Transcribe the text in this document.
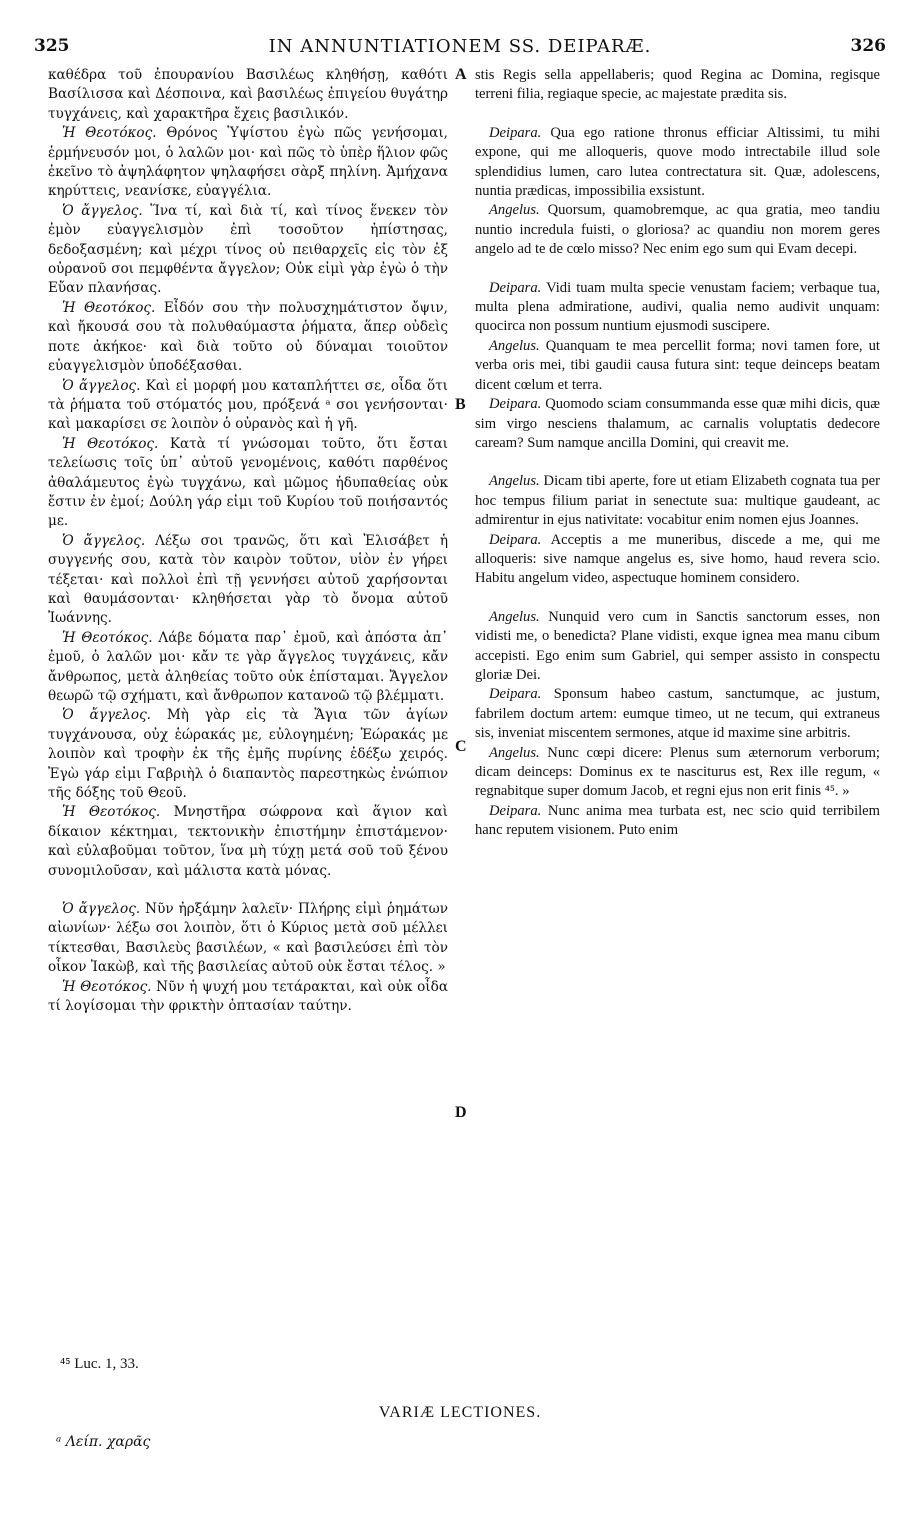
325	IN ANNUNTIATIONEM SS. DEIPARÆ.	326

καθέδρα τοῦ ἐπουρανίου Βασιλέως κληθήσῃ, καθότι Βασίλισσα καὶ Δέσποινα, καὶ βασιλέως ἐπιγείου θυγάτηρ τυγχάνεις, καὶ χαρακτῆρα ἔχεις βασιλικόν.

Ἡ Θεοτόκος. Θρόνος Ὑψίστου ἐγὼ πῶς γενήσομαι, ἑρμήνευσόν μοι, ὁ λαλῶν μοι· καὶ πῶς τὸ ὑπὲρ ἥλιον φῶς ἐκεῖνο τὸ ἀψηλάφητον ψηλαφήσει σὰρξ πηλίνη. Ἀμήχανα κηρύττεις, νεανίσκε, εὐαγγέλια.

Ὁ ἄγγελος. Ἵνα τί, καὶ διὰ τί, καὶ τίνος ἕνεκεν τὸν ἐμὸν εὐαγγελισμὸν ἐπὶ τοσοῦτον ἠπίστησας, δεδοξασμένη; καὶ μέχρι τίνος οὐ πειθαρχεῖς εἰς τὸν ἐξ οὐρανοῦ σοι πεμφθέντα ἄγγελον; Οὐκ εἰμὶ γὰρ ἐγὼ ὁ τὴν Εὔαν πλανήσας.

Ἡ Θεοτόκος. Εἶδόν σου τὴν πολυσχημάτιστον ὄψιν, καὶ ἤκουσά σου τὰ πολυθαύμαστα ῥήματα, ἅπερ οὐδεὶς ποτε ἀκήκοε· καὶ διὰ τοῦτο οὐ δύναμαι τοιοῦτον εὐαγγελισμὸν ὑποδέξασθαι.

Ὁ ἄγγελος. Καὶ εἰ μορφή μου καταπλήττει σε, οἶδα ὅτι τὰ ῥήματα τοῦ στόματός μου, πρόξενά ᵃ σοι γενήσονται· καὶ μακαρίσει σε λοιπὸν ὁ οὐρανὸς καὶ ἡ γῆ.

Ἡ Θεοτόκος. Κατὰ τί γνώσομαι τοῦτο, ὅτι ἔσται τελείωσις τοῖς ὑπ᾽ αὐτοῦ γενομένοις, καθότι παρθένος ἀθαλάμευτος ἐγὼ τυγχάνω, καὶ μῶμος ἡδυπαθείας οὐκ ἔστιν ἐν ἐμοί; Δούλη γάρ εἰμι τοῦ Κυρίου τοῦ ποιήσαντός με.

Ὁ ἄγγελος. Λέξω σοι τρανῶς, ὅτι καὶ Ἐλισάβετ ἡ συγγενής σου, κατὰ τὸν καιρὸν τοῦτον, υἱὸν ἐν γήρει τέξεται· καὶ πολλοὶ ἐπὶ τῇ γεννήσει αὐτοῦ χαρήσονται καὶ θαυμάσονται· κληθήσεται γὰρ τὸ ὄνομα αὐτοῦ Ἰωάννης.

Ἡ Θεοτόκος. Λάβε δόματα παρ᾽ ἐμοῦ, καὶ ἀπόστα ἀπ᾽ ἐμοῦ, ὁ λαλῶν μοι· κἄν τε γὰρ ἄγγελος τυγχάνεις, κἄν ἄνθρωπος, μετὰ ἀληθείας τοῦτο οὐκ ἐπίσταμαι. Ἄγγελον θεωρῶ τῷ σχήματι, καὶ ἄνθρωπον κατανοῶ τῷ βλέμματι.

Ὁ ἄγγελος. Μὴ γὰρ εἰς τὰ Ἅγια τῶν ἁγίων τυγχάνουσα, οὐχ ἑώρακάς με, εὐλογημένη; Ἑώρακάς με λοιπὸν καὶ τροφὴν ἐκ τῆς ἐμῆς πυρίνης ἐδέξω χειρός. Ἐγὼ γάρ εἰμι Γαβριὴλ ὁ διαπαντὸς παρεστηκὼς ἐνώπιον τῆς δόξης τοῦ Θεοῦ.

Ἡ Θεοτόκος. Μνηστῆρα σώφρονα καὶ ἅγιον καὶ δίκαιον κέκτημαι, τεκτονικὴν ἐπιστήμην ἐπιστάμενον· καὶ εὐλαβοῦμαι τοῦτον, ἵνα μὴ τύχῃ μετά σοῦ τοῦ ξένου συνομιλοῦσαν, καὶ μάλιστα κατὰ μόνας.

Ὁ ἄγγελος. Νῦν ἠρξάμην λαλεῖν· Πλήρης εἰμὶ ῥημάτων αἰωνίων· λέξω σοι λοιπὸν, ὅτι ὁ Κύριος μετὰ σοῦ μέλλει τίκτεσθαι, Βασιλεὺς βασιλέων, « καὶ βασιλεύσει ἐπὶ τὸν οἶκον Ἰακὼβ, καὶ τῆς βασιλείας αὐτοῦ οὐκ ἔσται τέλος. »

Ἡ Θεοτόκος. Νῦν ἡ ψυχή μου τετάρακται, καὶ οὐκ οἶδα τί λογίσομαι τὴν φρικτὴν ὀπτασίαν ταύτην.

A
B
C
D

stis Regis sella appellaberis; quod Regina ac Domina, regisque terreni filia, regiaque specie, ac majestate prædita sis.

Deipara. Qua ego ratione thronus efficiar Altissimi, tu mihi expone, qui me alloqueris, quove modo intrectabile illud sole splendidius lumen, caro lutea contrectatura sit. Quæ, adolescens, nuntia prædicas, impossibilia exsistunt.

Angelus. Quorsum, quamobremque, ac qua gratia, meo tandiu nuntio incredula fuisti, o gloriosa? ac quandiu non morem geres angelo ad te de cœlo misso? Nec enim ego sum qui Evam decepi.

Deipara. Vidi tuam multa specie venustam faciem; verbaque tua, multa plena admiratione, audivi, qualia nemo audivit unquam: quocirca non possum nuntium ejusmodi suscipere.

Angelus. Quanquam te mea percellit forma; novi tamen fore, ut verba oris mei, tibi gaudii causa futura sint: teque deinceps beatam dicent cœlum et terra.

Deipara. Quomodo sciam consummanda esse quæ mihi dicis, quæ sim virgo nesciens thalamum, ac carnalis voluptatis dedecore caream? Sum namque ancilla Domini, qui creavit me.

Angelus. Dicam tibi aperte, fore ut etiam Elizabeth cognata tua per hoc tempus filium pariat in senectute sua: multique gaudeant, ac admirentur in ejus nativitate: vocabitur enim nomen ejus Joannes.

Deipara. Acceptis a me muneribus, discede a me, qui me alloqueris: sive namque angelus es, sive homo, haud revera scio. Habitu angelum video, aspectuque hominem considero.

Angelus. Nunquid vero cum in Sanctis sanctorum esses, non vidisti me, o benedicta? Plane vidisti, exque ignea mea manu cibum accepisti. Ego enim sum Gabriel, qui semper assisto in conspectu gloriæ Dei.

Deipara. Sponsum habeo castum, sanctumque, ac justum, fabrilem doctum artem: eumque timeo, ut ne tecum, qui extraneus sis, inveniat miscentem sermones, atque id maxime sine arbitris.

Angelus. Nunc cœpi dicere: Plenus sum æternorum verborum; dicam deinceps: Dominus ex te nasciturus est, Rex ille regum, « regnabitque super domum Jacob, et regni ejus non erit finis ⁴⁵. »

Deipara. Nunc anima mea turbata est, nec scio quid terribilem hanc reputem visionem. Puto enim

⁴⁵ Luc. 1, 33.
VARIÆ LECTIONES.
ᵃ Λείπ. χαρᾶς
